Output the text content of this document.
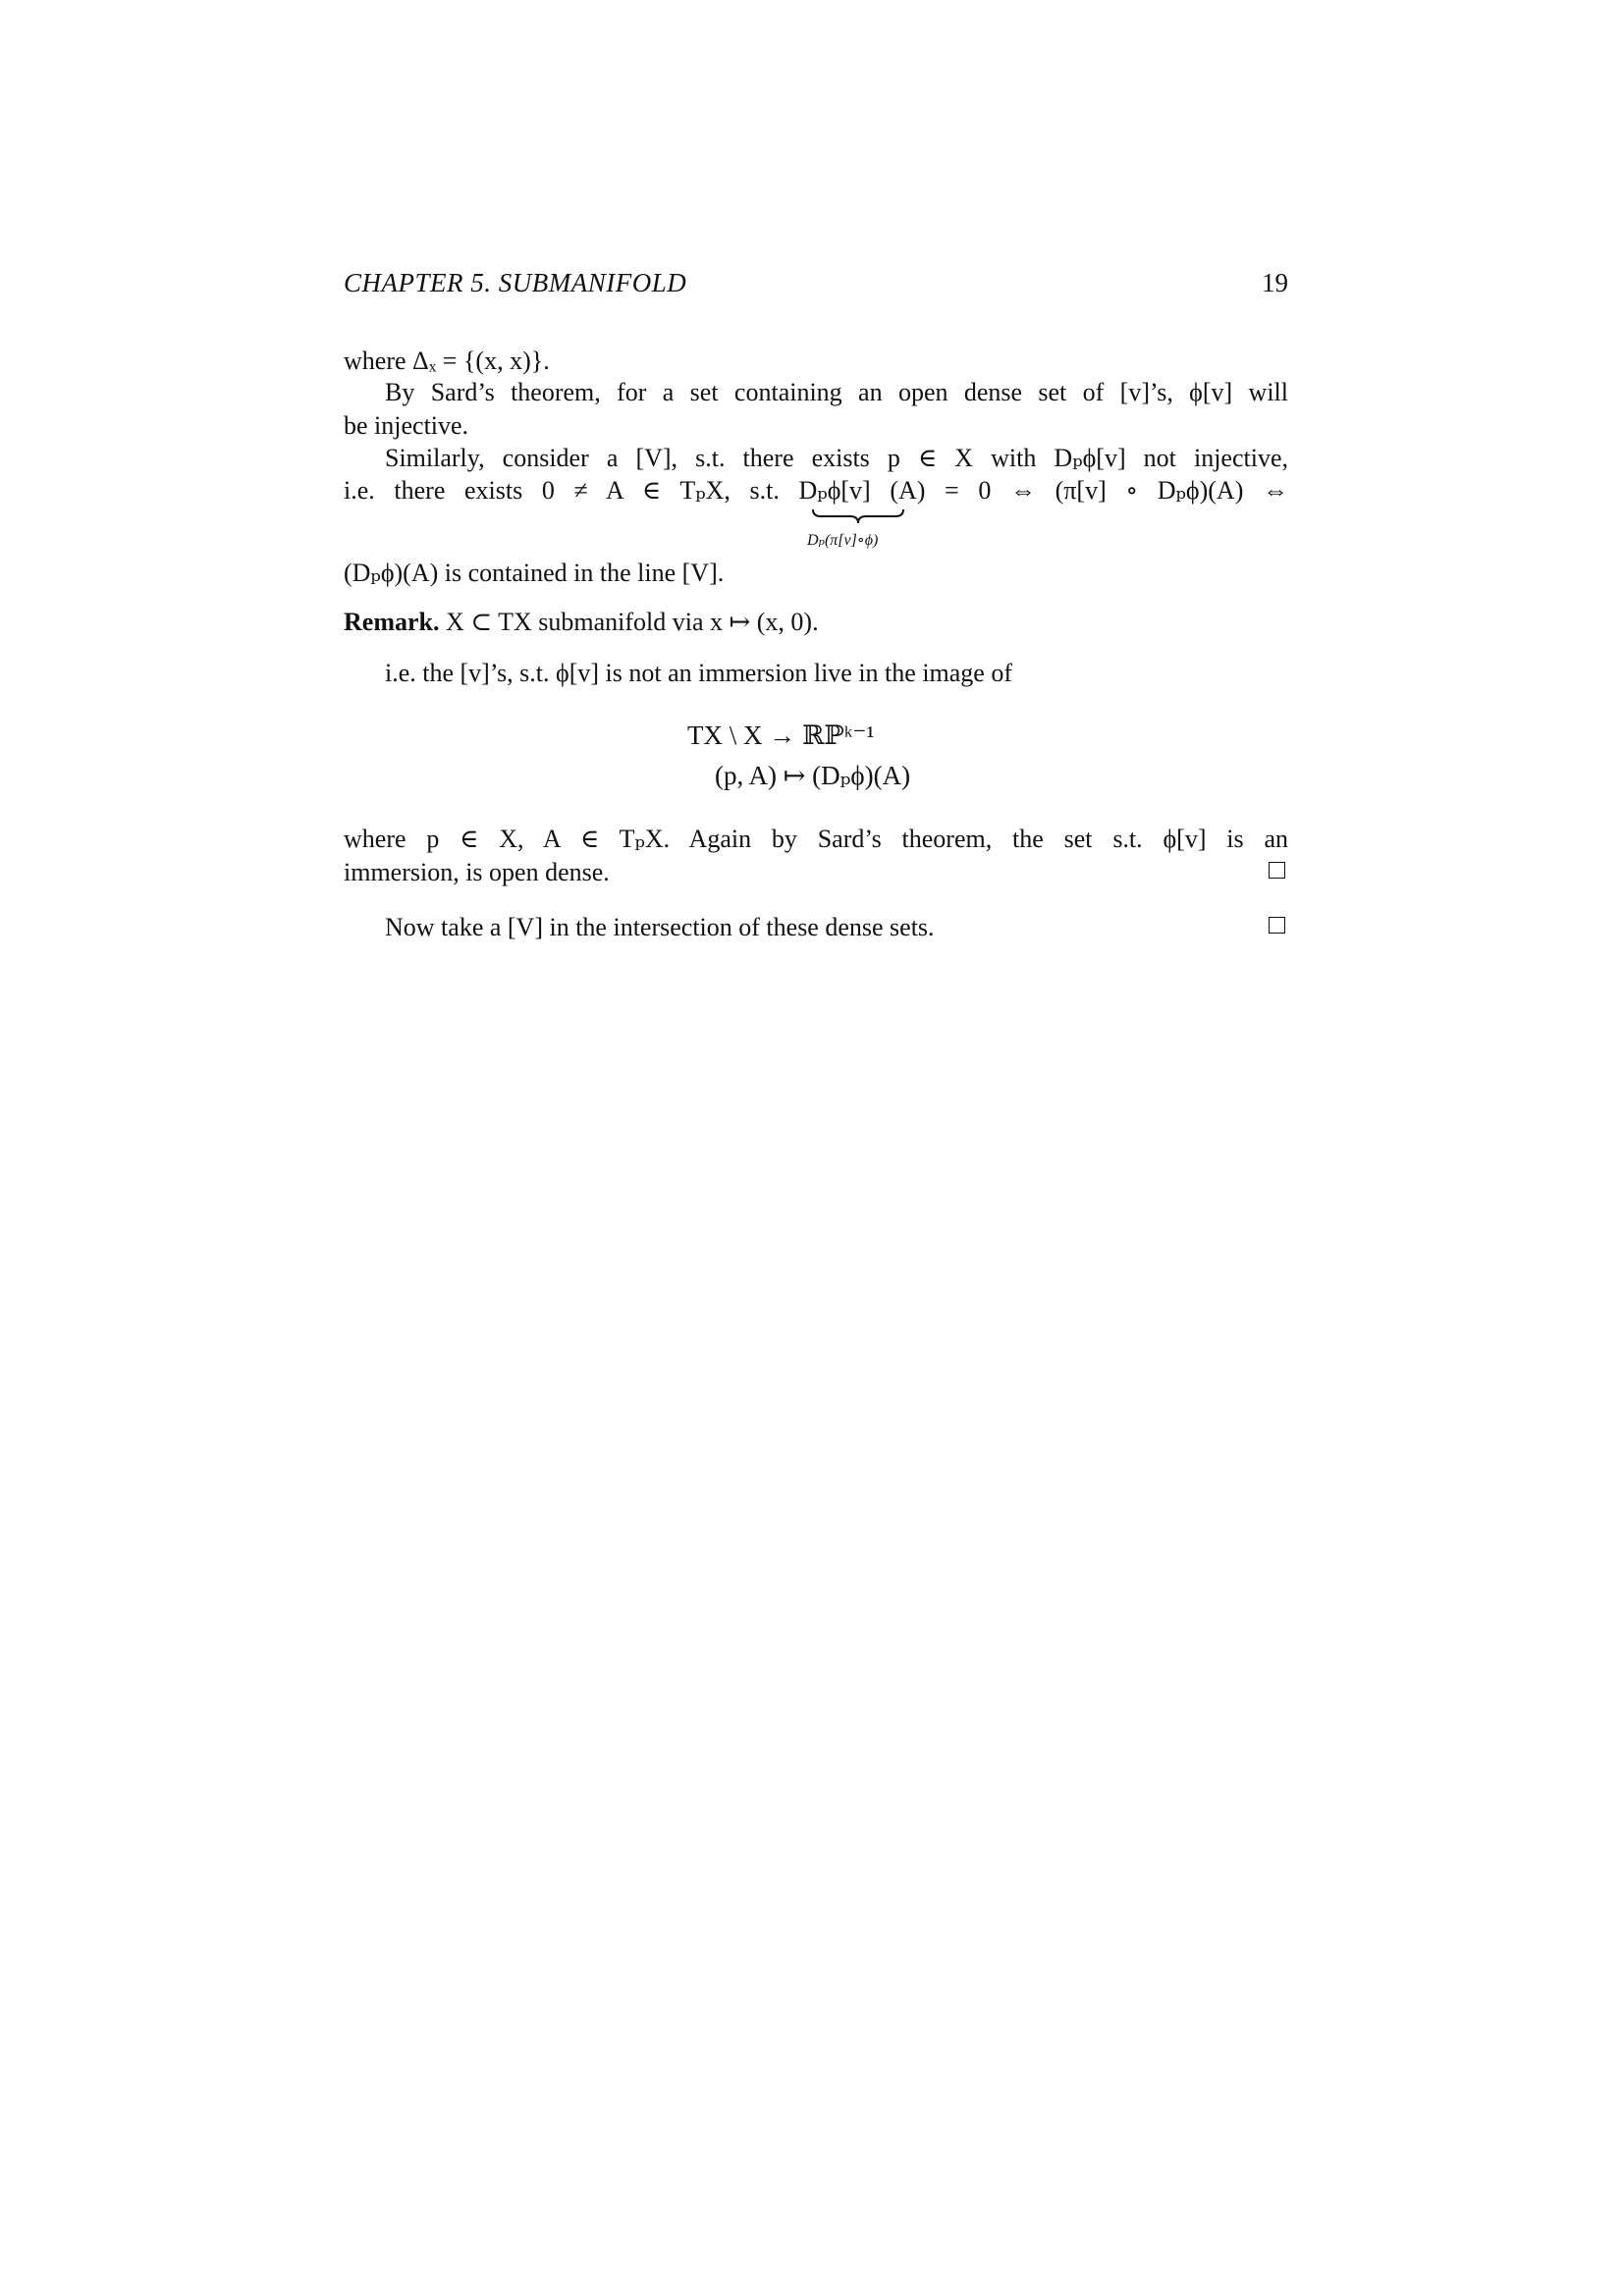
CHAPTER 5. SUBMANIFOLD	19
where Δₓ = {(x, x)}.
By Sard’s theorem, for a set containing an open dense set of [v]’s, ϕ[v] will
be injective.
Similarly, consider a [V], s.t. there exists p ∈ X with Dₚϕ[v] not injective,
i.e. there exists 0 ≠ A ∈ TₚX, s.t. Dₚϕ[v] (A) = 0 ⇔ (π[v] ∘ Dₚϕ)(A) ⇔
Dₚ(π[v]∘ϕ)
(Dₚϕ)(A) is contained in the line [V].
Remark. X ⊂ TX submanifold via x ↦ (x, 0).
i.e. the [v]’s, s.t. ϕ[v] is not an immersion live in the image of
TX \ X → ℝℙᵏ⁻¹
(p, A) ↦ (Dₚϕ)(A)
where p ∈ X, A ∈ TₚX. Again by Sard’s theorem, the set s.t. ϕ[v] is an
immersion, is open dense.
Now take a [V] in the intersection of these dense sets.
